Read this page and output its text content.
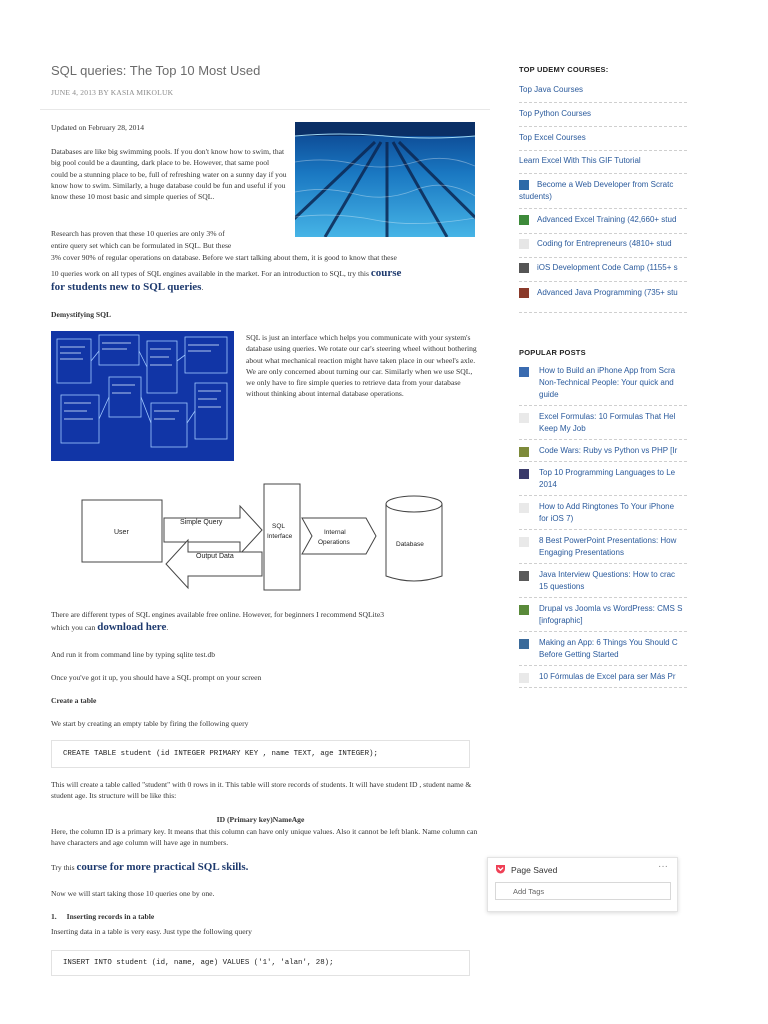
SQL queries: The Top 10 Most Used
JUNE 4, 2013 BY KASIA MIKOLUK
Updated on February 28, 2014
Databases are like big swimming pools. If you don't know how to swim, that big pool could be a daunting, dark place to be. However, that same pool could be a stunning place to be, full of refreshing water on a sunny day if you know how to swim. Similarly, a huge database could be fun and useful if you know these 10 most basic and simple queries of SQL.
Research has proven that these 10 queries are only 3% of
entire query set which can be formulated in SQL. But these
3% cover 90% of regular operations on database. Before we start talking about them, it is good to know that these
10 queries work on all types of SQL engines available in the market. For an introduction to SQL, try this course
for students new to SQL queries.
Demystifying SQL
SQL is just an interface which helps you communicate with your system's database using queries. We rotate our car's steering wheel without bothering about what mechanical reaction might have taken place in our wheel's axle. We are only concerned about turning our car. Similarly when we use SQL, we only have to fire simple queries to retrieve data from your database without thinking about internal database operations.
User
Simple Query
SQL
Interface
Internal
Operations	Database
Output Data
There are different types of SQL engines available free online. However, for beginners I recommend SQLite3
which you can download here.
And run it from command line by typing sqlite test.db
Once you've got it up, you should have a SQL prompt on your screen
Create a table
We start by creating an empty table by firing the following query
CREATE TABLE student (id INTEGER PRIMARY KEY , name TEXT, age INTEGER);
This will create a table called "student" with 0 rows in it. This table will store records of students. It will have student ID , student name & student age. Its structure will be like this:
ID (Primary key)NameAge
Here, the column ID is a primary key. It means that this column can have only unique values. Also it cannot be left blank. Name column can have characters and age column will have age in numbers.
Try this course for more practical SQL skills.
Now we will start taking those 10 queries one by one.
1. Inserting records in a table
Inserting data in a table is very easy. Just type the following query
INSERT INTO student (id, name, age) VALUES ('1', 'alan', 28);
TOP UDEMY COURSES:
Top Java Courses
Top Python Courses
Top Excel Courses
Learn Excel With This GIF Tutorial
Become a Web Developer from Scratc
students)
Advanced Excel Training (42,660+ stud
Coding for Entrepreneurs (4810+ stud
iOS Development Code Camp (1155+ s
Advanced Java Programming (735+ stu
POPULAR POSTS
How to Build an iPhone App from Scra
Non-Technical People: Your quick and
guide
Excel Formulas: 10 Formulas That Hel
Keep My Job
Code Wars: Ruby vs Python vs PHP [Ir
Top 10 Programming Languages to Le
2014
How to Add Ringtones To Your iPhone
for iOS 7)
8 Best PowerPoint Presentations: How
Engaging Presentations
Java Interview Questions: How to crac
15 questions
Drupal vs Joomla vs WordPress: CMS S
[infographic]
Making an App: 6 Things You Should C
Before Getting Started
10 Fórmulas de Excel para ser Más Pr
Page Saved	···
Add Tags
